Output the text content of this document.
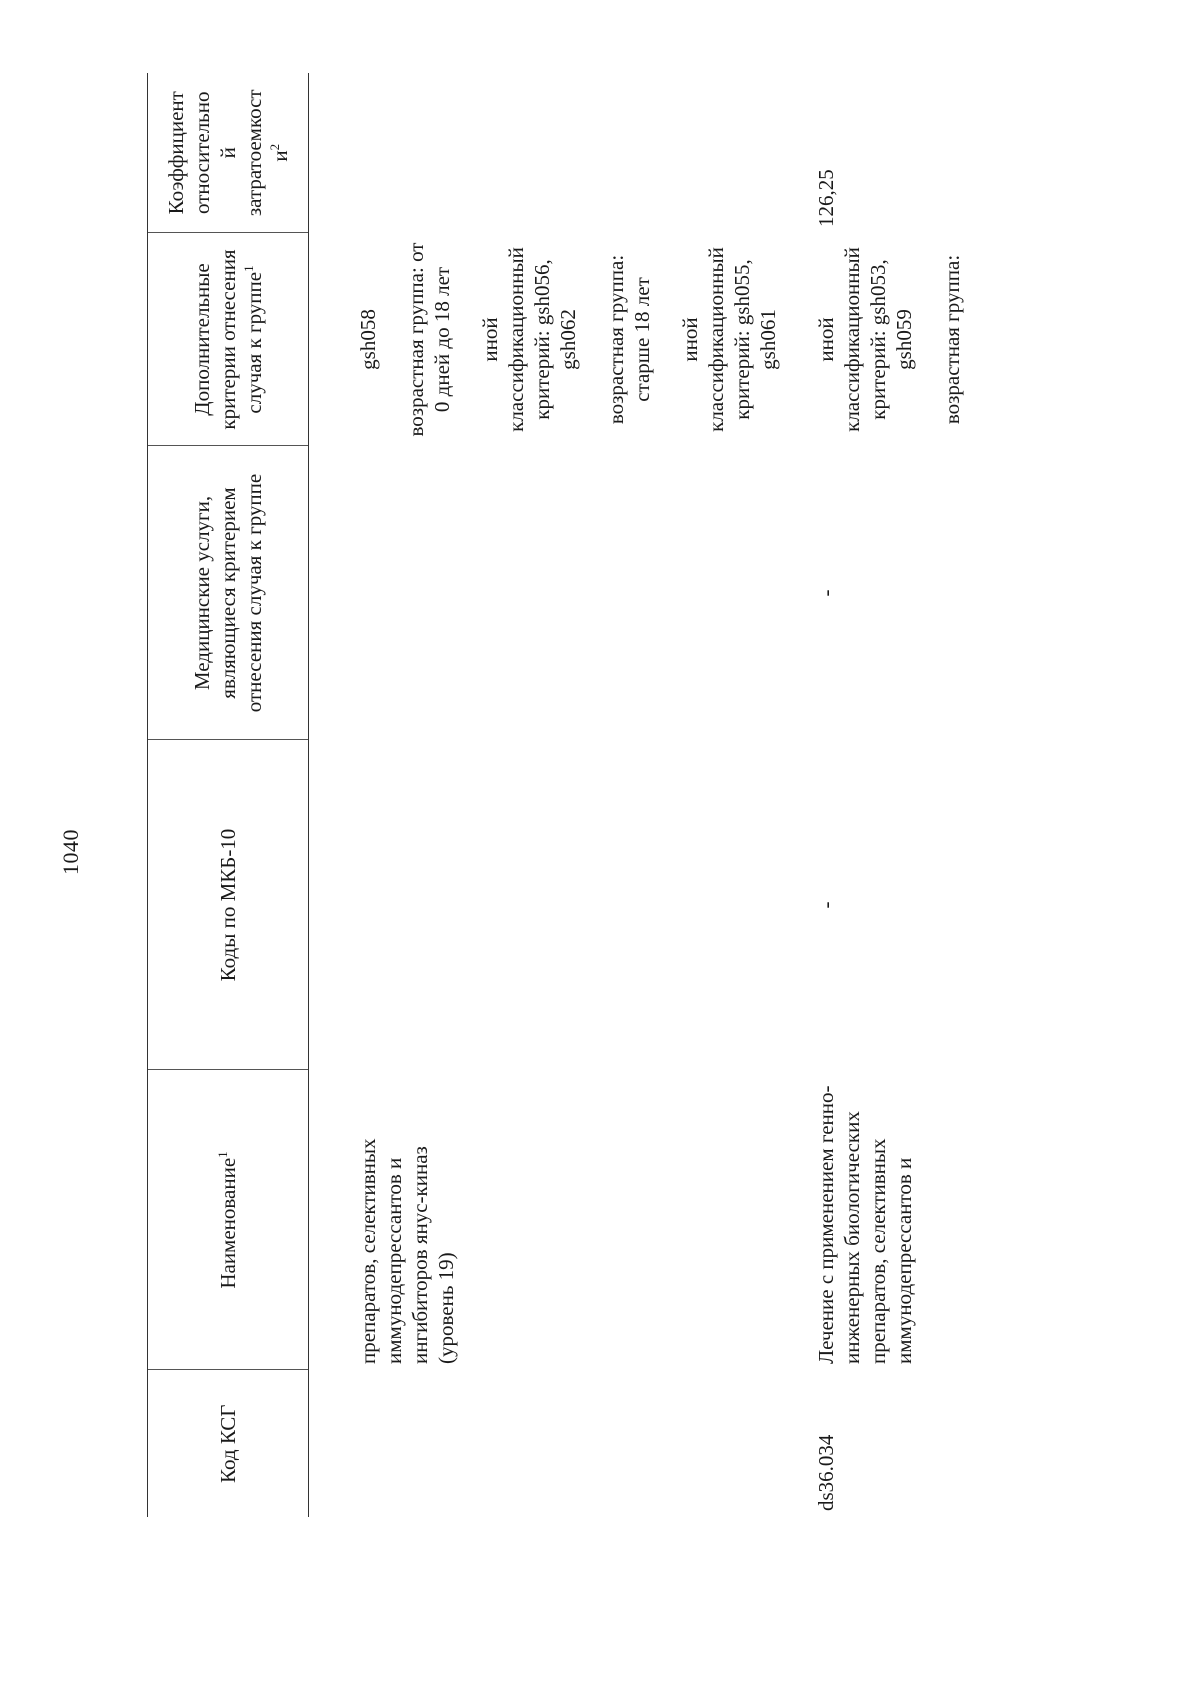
1040
Код КСГ	Наименование$^1$	Коды по МКБ-10	Медицинские услуги, являющиеся критерием отнесения случая к группе	Дополнительные критерии отнесения случая к группе$^1$	Коэффициент относительно й затратоемкост $и^2$

	препаратов, селективных иммунодепрессантов и ингибиторов янус-киназ (уровень 19)			gsh058 возрастная группа: от 0 дней до 18 лет иной классификационный критерий: gsh056, gsh062 возрастная группа: старше 18 лет иной классификационный критерий: gsh055, gsh061	

ds36.034	Лечение с применением генно-инженерных биологических препаратов, селективных иммунодепрессантов и	-	-	иной классификационный критерий: gsh053, gsh059 возрастная группа:	126,25
